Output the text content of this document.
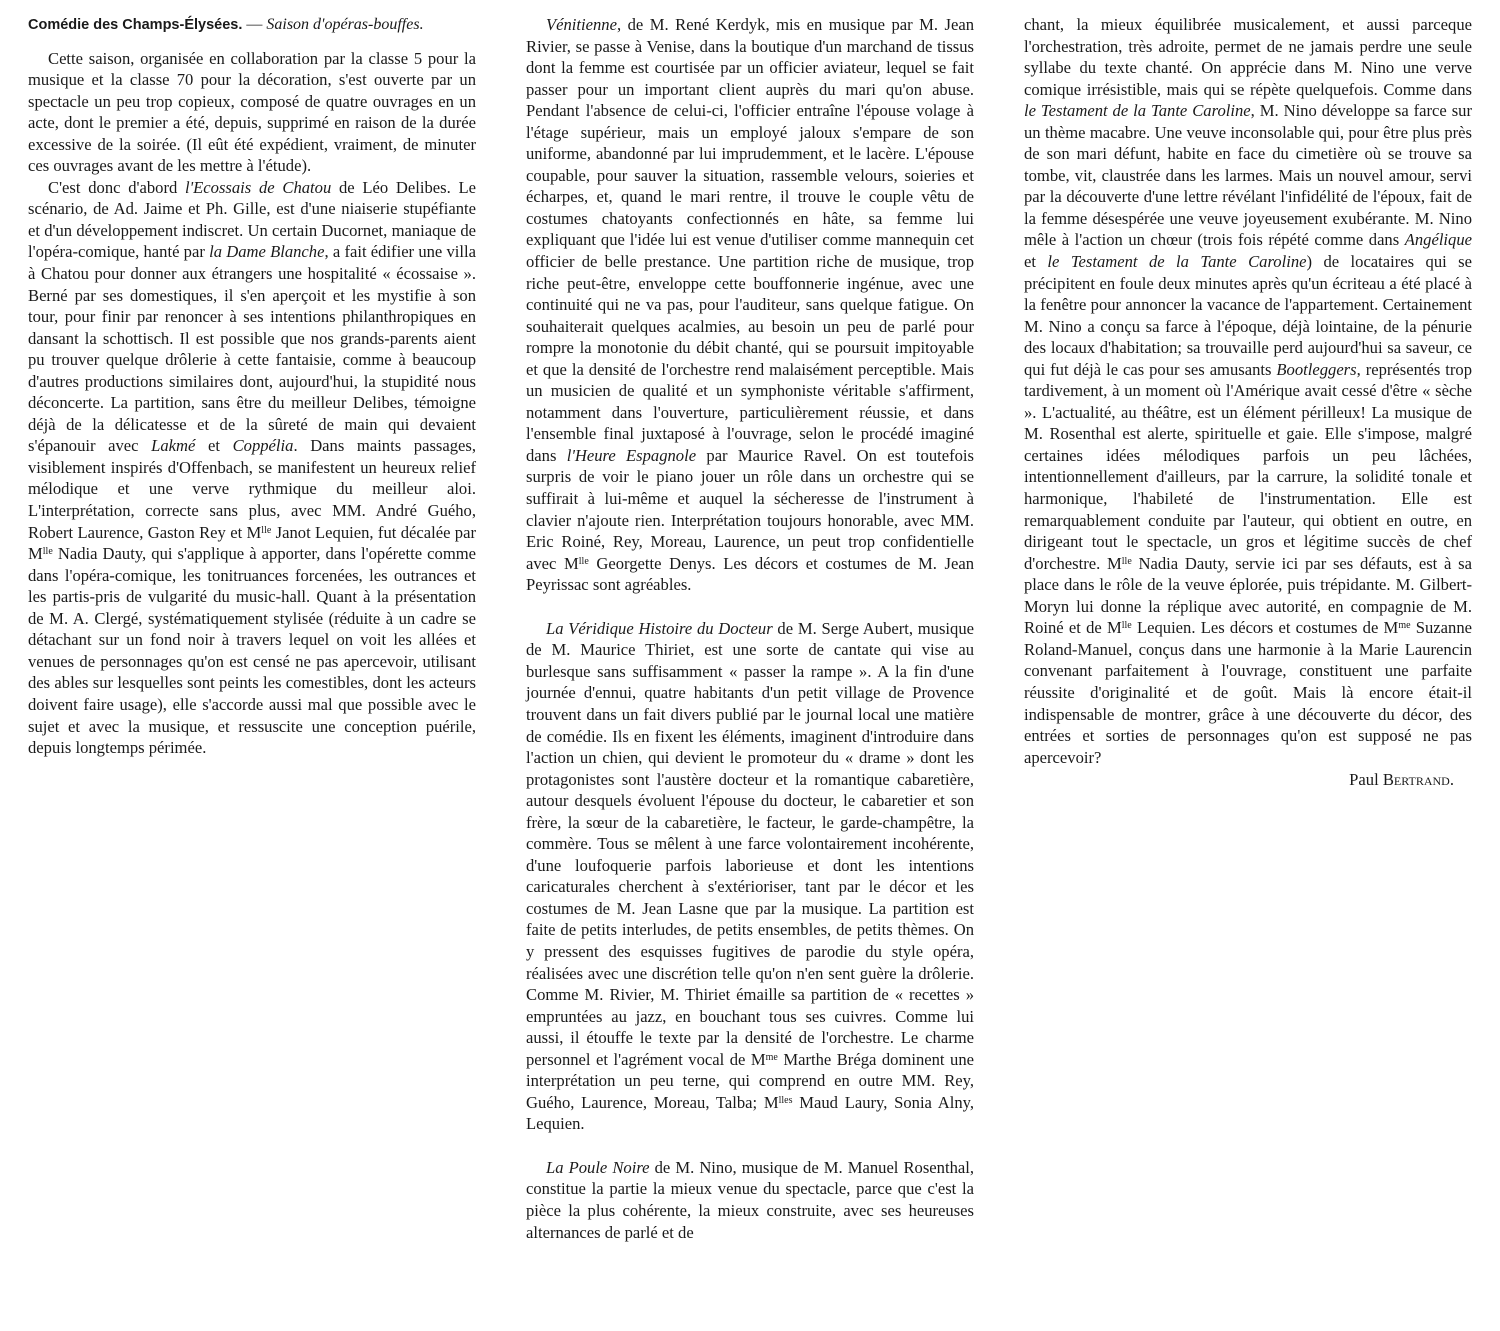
Comédie des Champs-Élysées. — Saison d'opéras-bouffes.

Cette saison, organisée en collaboration par la classe 5 pour la musique et la classe 70 pour la décoration, s'est ouverte par un spectacle un peu trop copieux, composé de quatre ouvrages en un acte, dont le premier a été, depuis, supprimé en raison de la durée excessive de la soirée. (Il eût été expédient, vraiment, de minuter ces ouvrages avant de les mettre à l'étude).

C'est donc d'abord l'Ecossais de Chatou de Léo Delibes. Le scénario, de Ad. Jaime et Ph. Gille, est d'une niaiserie stupéfiante et d'un développement indiscret. Un certain Ducornet, maniaque de l'opéra-comique, hanté par la Dame Blanche, a fait édifier une villa à Chatou pour donner aux étrangers une hospitalité « écossaise ». Berné par ses domestiques, il s'en aperçoit et les mystifie à son tour, pour finir par renoncer à ses intentions philanthropiques en dansant la schottisch. Il est possible que nos grands-parents aient pu trouver quelque drôlerie à cette fantaisie, comme à beaucoup d'autres productions similaires dont, aujourd'hui, la stupidité nous déconcerte. La partition, sans être du meilleur Delibes, témoigne déjà de la délicatesse et de la sûreté de main qui devaient s'épanouir avec Lakmé et Coppélia. Dans maints passages, visiblement inspirés d'Offenbach, se manifestent un heureux relief mélodique et une verve rythmique du meilleur aloi. L'interprétation, correcte sans plus, avec MM. André Guého, Robert Laurence, Gaston Rey et $M^{lle}$ Janot Lequien, fut décalée par $M^{lle}$ Nadia Dauty, qui s'applique à apporter, dans l'opérette comme dans l'opéra-comique, les tonitruances forcenées, les outrances et les partis-pris de vulgarité du music-hall. Quant à la présentation de M. A. Clergé, systématiquement stylisée (réduite à un cadre se détachant sur un fond noir à travers lequel on voit les allées et venues de personnages qu'on est censé ne pas apercevoir, utilisant des ables sur lesquelles sont peints les comestibles, dont les acteurs doivent faire usage), elle s'accorde aussi mal que possible avec le sujet et avec la musique, et ressuscite une conception puérile, depuis longtemps périmée.

Vénitienne, de M. René Kerdyk, mis en musique par M. Jean Rivier, se passe à Venise, dans la boutique d'un marchand de tissus dont la femme est courtisée par un officier aviateur, lequel se fait passer pour un important client auprès du mari qu'on abuse. Pendant l'absence de celui-ci, l'officier entraîne l'épouse volage à l'étage supérieur, mais un employé jaloux s'empare de son uniforme, abandonné par lui imprudemment, et le lacère. L'épouse coupable, pour sauver la situation, rassemble velours, soieries et écharpes, et, quand le mari rentre, il trouve le couple vêtu de costumes chatoyants confectionnés en hâte, sa femme lui expliquant que l'idée lui est venue d'utiliser comme mannequin cet officier de belle prestance. Une partition riche de musique, trop riche peut-être, enveloppe cette bouffonnerie ingénue, avec une continuité qui ne va pas, pour l'auditeur, sans quelque fatigue. On souhaiterait quelques acalmies, au besoin un peu de parlé pour rompre la monotonie du débit chanté, qui se poursuit impitoyable et que la densité de l'orchestre rend malaisément perceptible. Mais un musicien de qualité et un symphoniste véritable s'affirment, notamment dans l'ouverture, particulièrement réussie, et dans l'ensemble final juxtaposé à l'ouvrage, selon le procédé imaginé dans l'Heure Espagnole par Maurice Ravel. On est toutefois surpris de voir le piano jouer un rôle dans un orchestre qui se suffirait à lui-même et auquel la sécheresse de l'instrument à clavier n'ajoute rien. Interprétation toujours honorable, avec MM. Eric Roiné, Rey, Moreau, Laurence, un peut trop confidentielle avec $M^{lle}$ Georgette Denys. Les décors et costumes de M. Jean Peyrissac sont agréables.

La Véridique Histoire du Docteur de M. Serge Aubert, musique de M. Maurice Thiriet, est une sorte de cantate qui vise au burlesque sans suffisamment « passer la rampe ». A la fin d'une journée d'ennui, quatre habitants d'un petit village de Provence trouvent dans un fait divers publié par le journal local une matière de comédie. Ils en fixent les éléments, imaginent d'introduire dans l'action un chien, qui devient le promoteur du « drame » dont les protagonistes sont l'austère docteur et la romantique cabaretière, autour desquels évoluent l'épouse du docteur, le cabaretier et son frère, la sœur de la cabaretière, le facteur, le garde-champêtre, la commère. Tous se mêlent à une farce volontairement incohérente, d'une loufoquerie parfois laborieuse et dont les intentions caricaturales cherchent à s'extérioriser, tant par le décor et les costumes de M. Jean Lasne que par la musique. La partition est faite de petits interludes, de petits ensembles, de petits thèmes. On y pressent des esquisses fugitives de parodie du style opéra, réalisées avec une discrétion telle qu'on n'en sent guère la drôlerie. Comme M. Rivier, M. Thiriet émaille sa partition de « recettes » empruntées au jazz, en bouchant tous ses cuivres. Comme lui aussi, il étouffe le texte par la densité de l'orchestre. Le charme personnel et l'agrément vocal de $M^{me}$ Marthe Bréga dominent une interprétation un peu terne, qui comprend en outre MM. Rey, Guého, Laurence, Moreau, Talba; $M^{lles}$ Maud Laury, Sonia Alny, Lequien.

La Poule Noire de M. Nino, musique de M. Manuel Rosenthal, constitue la partie la mieux venue du spectacle, parce que c'est la pièce la plus cohérente, la mieux construite, avec ses heureuses alternances de parlé et de

chant, la mieux équilibrée musicalement, et aussi parceque l'orchestration, très adroite, permet de ne jamais perdre une seule syllabe du texte chanté. On apprécie dans M. Nino une verve comique irrésistible, mais qui se répète quelquefois. Comme dans le Testament de la Tante Caroline, M. Nino développe sa farce sur un thème macabre. Une veuve inconsolable qui, pour être plus près de son mari défunt, habite en face du cimetière où se trouve sa tombe, vit, claustrée dans les larmes. Mais un nouvel amour, servi par la découverte d'une lettre révélant l'infidélité de l'époux, fait de la femme désespérée une veuve joyeusement exubérante. M. Nino mêle à l'action un chœur (trois fois répété comme dans Angélique et le Testament de la Tante Caroline) de locataires qui se précipitent en foule deux minutes après qu'un écriteau a été placé à la fenêtre pour annoncer la vacance de l'appartement. Certainement M. Nino a conçu sa farce à l'époque, déjà lointaine, de la pénurie des locaux d'habitation; sa trouvaille perd aujourd'hui sa saveur, ce qui fut déjà le cas pour ses amusants Bootleggers, représentés trop tardivement, à un moment où l'Amérique avait cessé d'être « sèche ». L'actualité, au théâtre, est un élément périlleux! La musique de M. Rosenthal est alerte, spirituelle et gaie. Elle s'impose, malgré certaines idées mélodiques parfois un peu lâchées, intentionnellement d'ailleurs, par la carrure, la solidité tonale et harmonique, l'habileté de l'instrumentation. Elle est remarquablement conduite par l'auteur, qui obtient en outre, en dirigeant tout le spectacle, un gros et légitime succès de chef d'orchestre. $M^{lle}$ Nadia Dauty, servie ici par ses défauts, est à sa place dans le rôle de la veuve éplorée, puis trépidante. M. Gilbert-Moryn lui donne la réplique avec autorité, en compagnie de M. Roiné et de $M^{lle}$ Lequien. Les décors et costumes de $M^{me}$ Suzanne Roland-Manuel, conçus dans une harmonie à la Marie Laurencin convenant parfaitement à l'ouvrage, constituent une parfaite réussite d'originalité et de goût. Mais là encore était-il indispensable de montrer, grâce à une découverte du décor, des entrées et sorties de personnages qu'on est supposé ne pas apercevoir?

Paul Bertrand.
